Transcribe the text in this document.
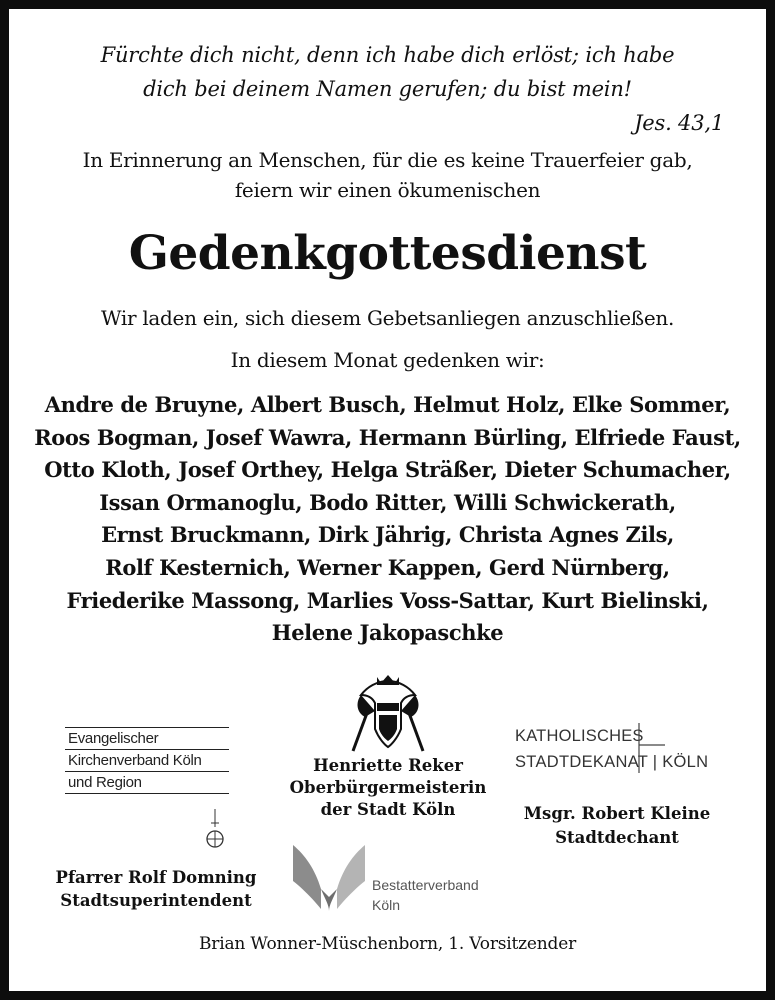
Fürchte dich nicht, denn ich habe dich erlöst; ich habe
dich bei deinem Namen gerufen; du bist mein!
Jes. 43,1
In Erinnerung an Menschen, für die es keine Trauerfeier gab,
feiern wir einen ökumenischen
Gedenkgottesdienst
Wir laden ein, sich diesem Gebetsanliegen anzuschließen.
In diesem Monat gedenken wir:
Andre de Bruyne, Albert Busch, Helmut Holz, Elke Sommer,
Roos Bogman, Josef Wawra, Hermann Bürling, Elfriede Faust,
Otto Kloth, Josef Orthey, Helga Sträßer, Dieter Schumacher,
Issan Ormanoglu, Bodo Ritter, Willi Schwickerath,
Ernst Bruckmann, Dirk Jährig, Christa Agnes Zils,
Rolf Kesternich, Werner Kappen, Gerd Nürnberg,
Friederike Massong, Marlies Voss-Sattar, Kurt Bielinski,
Helene Jakopaschke
Evangelischer
Kirchenverband Köln
und Region
Pfarrer Rolf Domning
Stadtsuperintendent
Henriette Reker
Oberbürgermeisterin
der Stadt Köln
Bestatterverband
Köln
KATHOLISCHES
STADTDEKANAT | KÖLN
Msgr. Robert Kleine
Stadtdechant
Brian Wonner-Müschenborn, 1. Vorsitzender
